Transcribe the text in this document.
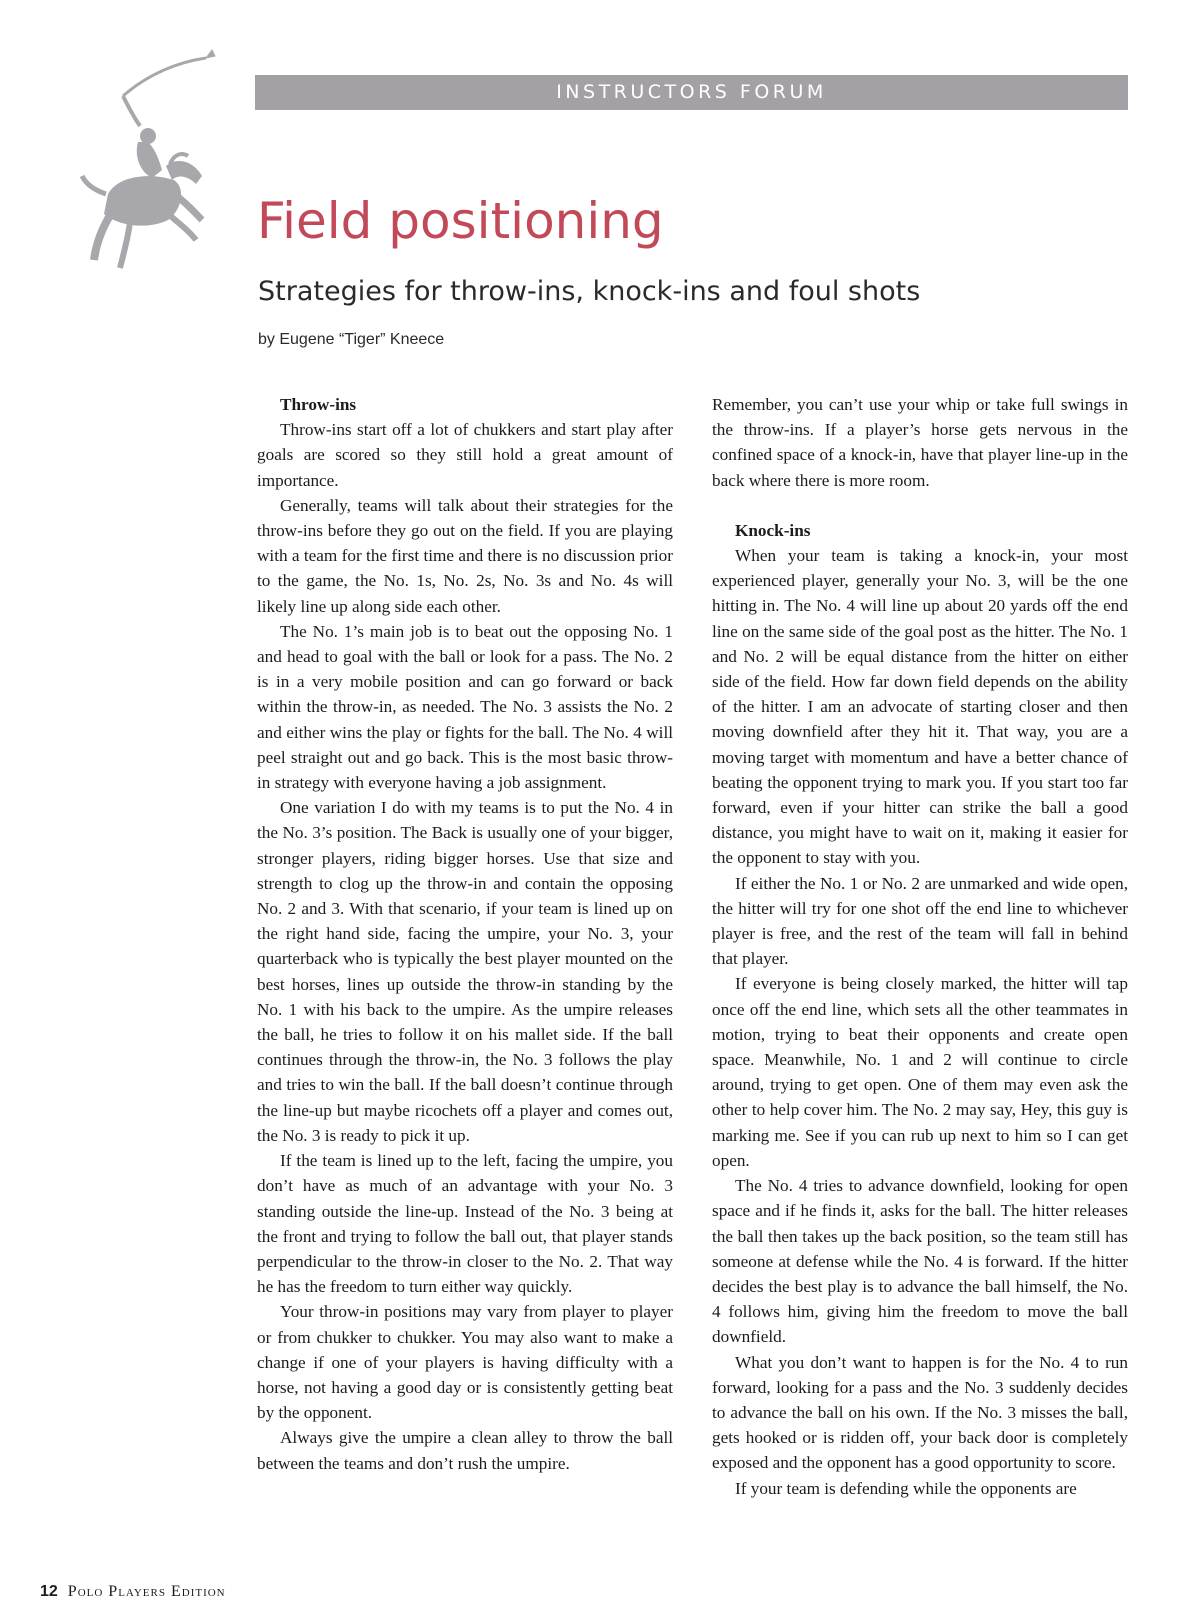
INSTRUCTORS FORUM
Field positioning
Strategies for throw-ins, knock-ins and foul shots

by Eugene “Tiger” Kneece

Throw-ins

Throw-ins start off a lot of chukkers and start play after goals are scored so they still hold a great amount of importance.

Generally, teams will talk about their strategies for the throw-ins before they go out on the field. If you are playing with a team for the first time and there is no discussion prior to the game, the No. 1s, No. 2s, No. 3s and No. 4s will likely line up along side each other.

The No. 1’s main job is to beat out the opposing No. 1 and head to goal with the ball or look for a pass. The No. 2 is in a very mobile position and can go forward or back within the throw-in, as needed. The No. 3 assists the No. 2 and either wins the play or fights for the ball. The No. 4 will peel straight out and go back. This is the most basic throw-in strategy with everyone having a job assignment.

One variation I do with my teams is to put the No. 4 in the No. 3’s position. The Back is usually one of your bigger, stronger players, riding bigger horses. Use that size and strength to clog up the throw-in and contain the opposing No. 2 and 3. With that scenario, if your team is lined up on the right hand side, facing the umpire, your No. 3, your quarterback who is typically the best player mounted on the best horses, lines up outside the throw-in standing by the No. 1 with his back to the umpire. As the umpire releases the ball, he tries to follow it on his mallet side. If the ball continues through the throw-in, the No. 3 follows the play and tries to win the ball. If the ball doesn’t continue through the line-up but maybe ricochets off a player and comes out, the No. 3 is ready to pick it up.

If the team is lined up to the left, facing the umpire, you don’t have as much of an advantage with your No. 3 standing outside the line-up. Instead of the No. 3 being at the front and trying to follow the ball out, that player stands perpendicular to the throw-in closer to the No. 2. That way he has the freedom to turn either way quickly.

Your throw-in positions may vary from player to player or from chukker to chukker. You may also want to make a change if one of your players is having difficulty with a horse, not having a good day or is consistently getting beat by the opponent.

Always give the umpire a clean alley to throw the ball between the teams and don’t rush the umpire.

Remember, you can’t use your whip or take full swings in the throw-ins. If a player’s horse gets nervous in the confined space of a knock-in, have that player line-up in the back where there is more room.

Knock-ins

When your team is taking a knock-in, your most experienced player, generally your No. 3, will be the one hitting in. The No. 4 will line up about 20 yards off the end line on the same side of the goal post as the hitter. The No. 1 and No. 2 will be equal distance from the hitter on either side of the field. How far down field depends on the ability of the hitter. I am an advocate of starting closer and then moving downfield after they hit it. That way, you are a moving target with momentum and have a better chance of beating the opponent trying to mark you. If you start too far forward, even if your hitter can strike the ball a good distance, you might have to wait on it, making it easier for the opponent to stay with you.

If either the No. 1 or No. 2 are unmarked and wide open, the hitter will try for one shot off the end line to whichever player is free, and the rest of the team will fall in behind that player.

If everyone is being closely marked, the hitter will tap once off the end line, which sets all the other teammates in motion, trying to beat their opponents and create open space. Meanwhile, No. 1 and 2 will continue to circle around, trying to get open. One of them may even ask the other to help cover him. The No. 2 may say, Hey, this guy is marking me. See if you can rub up next to him so I can get open.

The No. 4 tries to advance downfield, looking for open space and if he finds it, asks for the ball. The hitter releases the ball then takes up the back position, so the team still has someone at defense while the No. 4 is forward. If the hitter decides the best play is to advance the ball himself, the No. 4 follows him, giving him the freedom to move the ball downfield.

What you don’t want to happen is for the No. 4 to run forward, looking for a pass and the No. 3 suddenly decides to advance the ball on his own. If the No. 3 misses the ball, gets hooked or is ridden off, your back door is completely exposed and the opponent has a good opportunity to score.

If your team is defending while the opponents are

12 Polo Players Edition
